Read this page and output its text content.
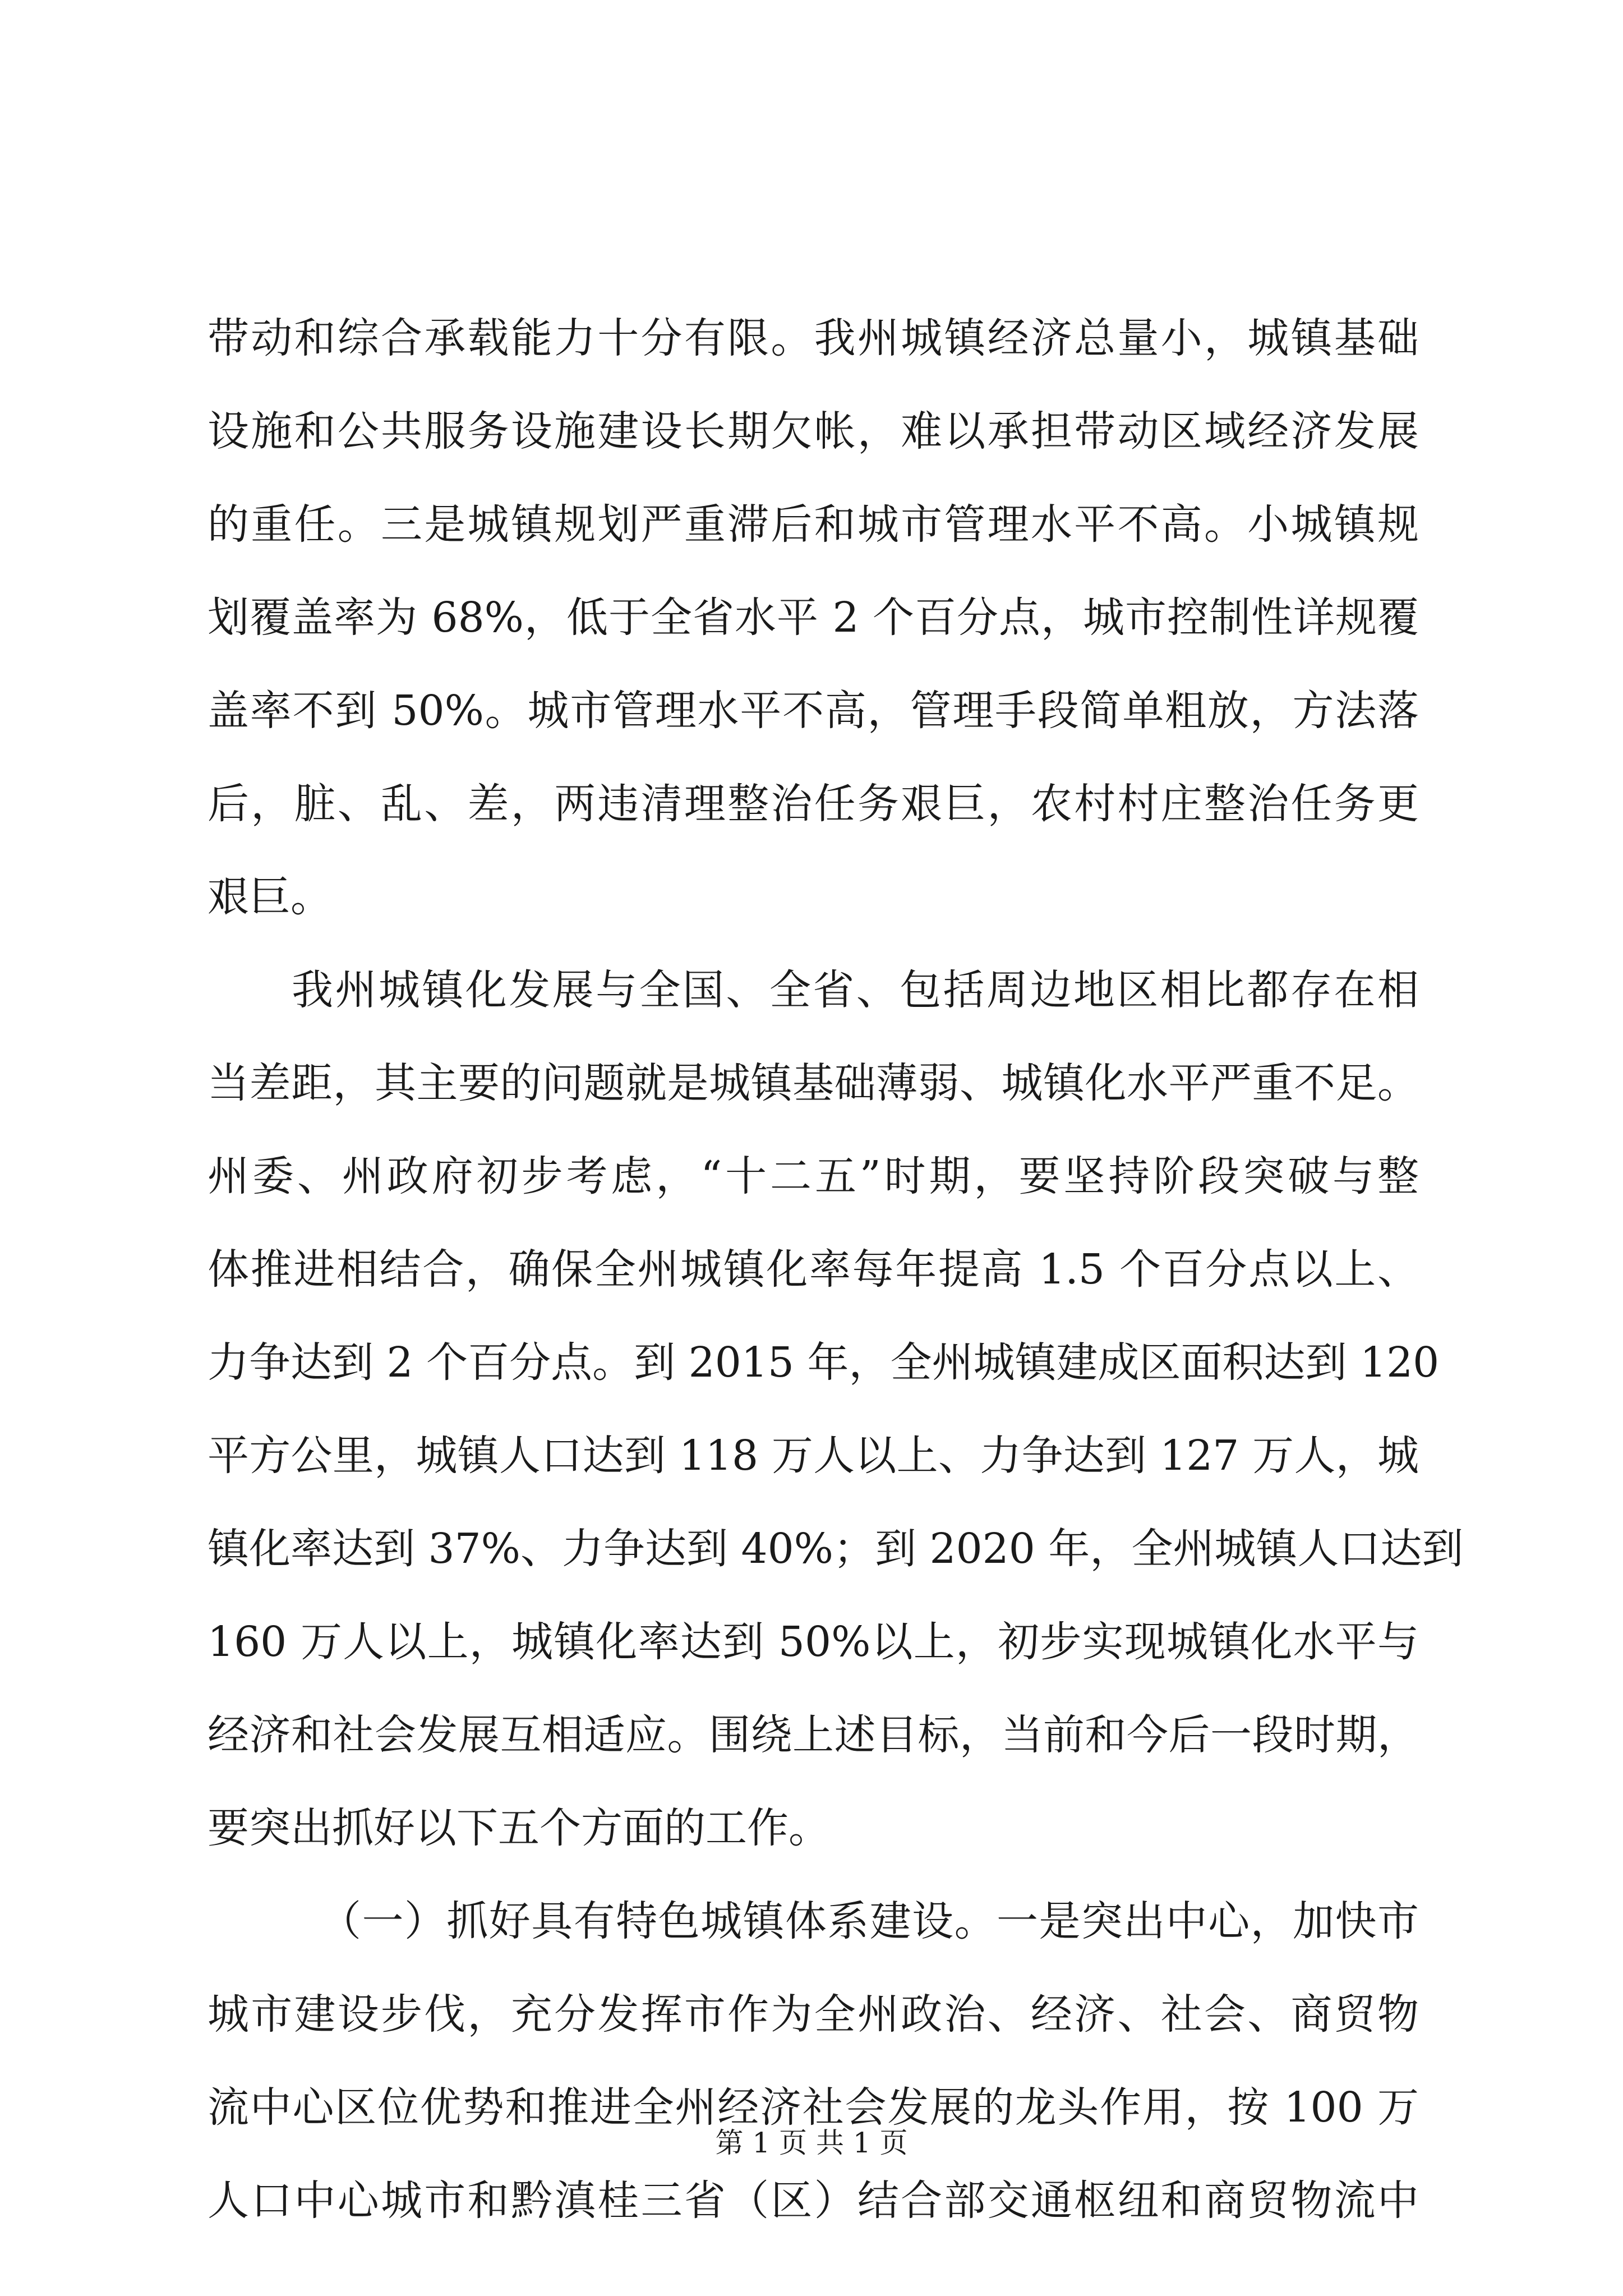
带动和综合承载能力十分有限。我州城镇经济总量小，城镇基础
设施和公共服务设施建设长期欠帐，难以承担带动区域经济发展
的重任。三是城镇规划严重滞后和城市管理水平不高。小城镇规
划覆盖率为 68%，低于全省水平 2 个百分点，城市控制性详规覆
盖率不到 50%。城市管理水平不高，管理手段简单粗放，方法落
后，脏、乱、差，两违清理整治任务艰巨，农村村庄整治任务更
艰巨。
我州城镇化发展与全国、全省、包括周边地区相比都存在相
当差距，其主要的问题就是城镇基础薄弱、城镇化水平严重不足。
州委、州政府初步考虑，“十二五”时期，要坚持阶段突破与整
体推进相结合，确保全州城镇化率每年提高 1.5 个百分点以上、
力争达到 2 个百分点。到 2015 年，全州城镇建成区面积达到 120
平方公里，城镇人口达到 118 万人以上、力争达到 127 万人，城
镇化率达到 37%、力争达到 40%；到 2020 年，全州城镇人口达到
160 万人以上，城镇化率达到 50%以上，初步实现城镇化水平与
经济和社会发展互相适应。围绕上述目标，当前和今后一段时期，
要突出抓好以下五个方面的工作。
（一）抓好具有特色城镇体系建设。一是突出中心，加快市
城市建设步伐，充分发挥市作为全州政治、经济、社会、商贸物
流中心区位优势和推进全州经济社会发展的龙头作用，按 100 万
人口中心城市和黔滇桂三省（区）结合部交通枢纽和商贸物流中
第 1 页 共 1 页
